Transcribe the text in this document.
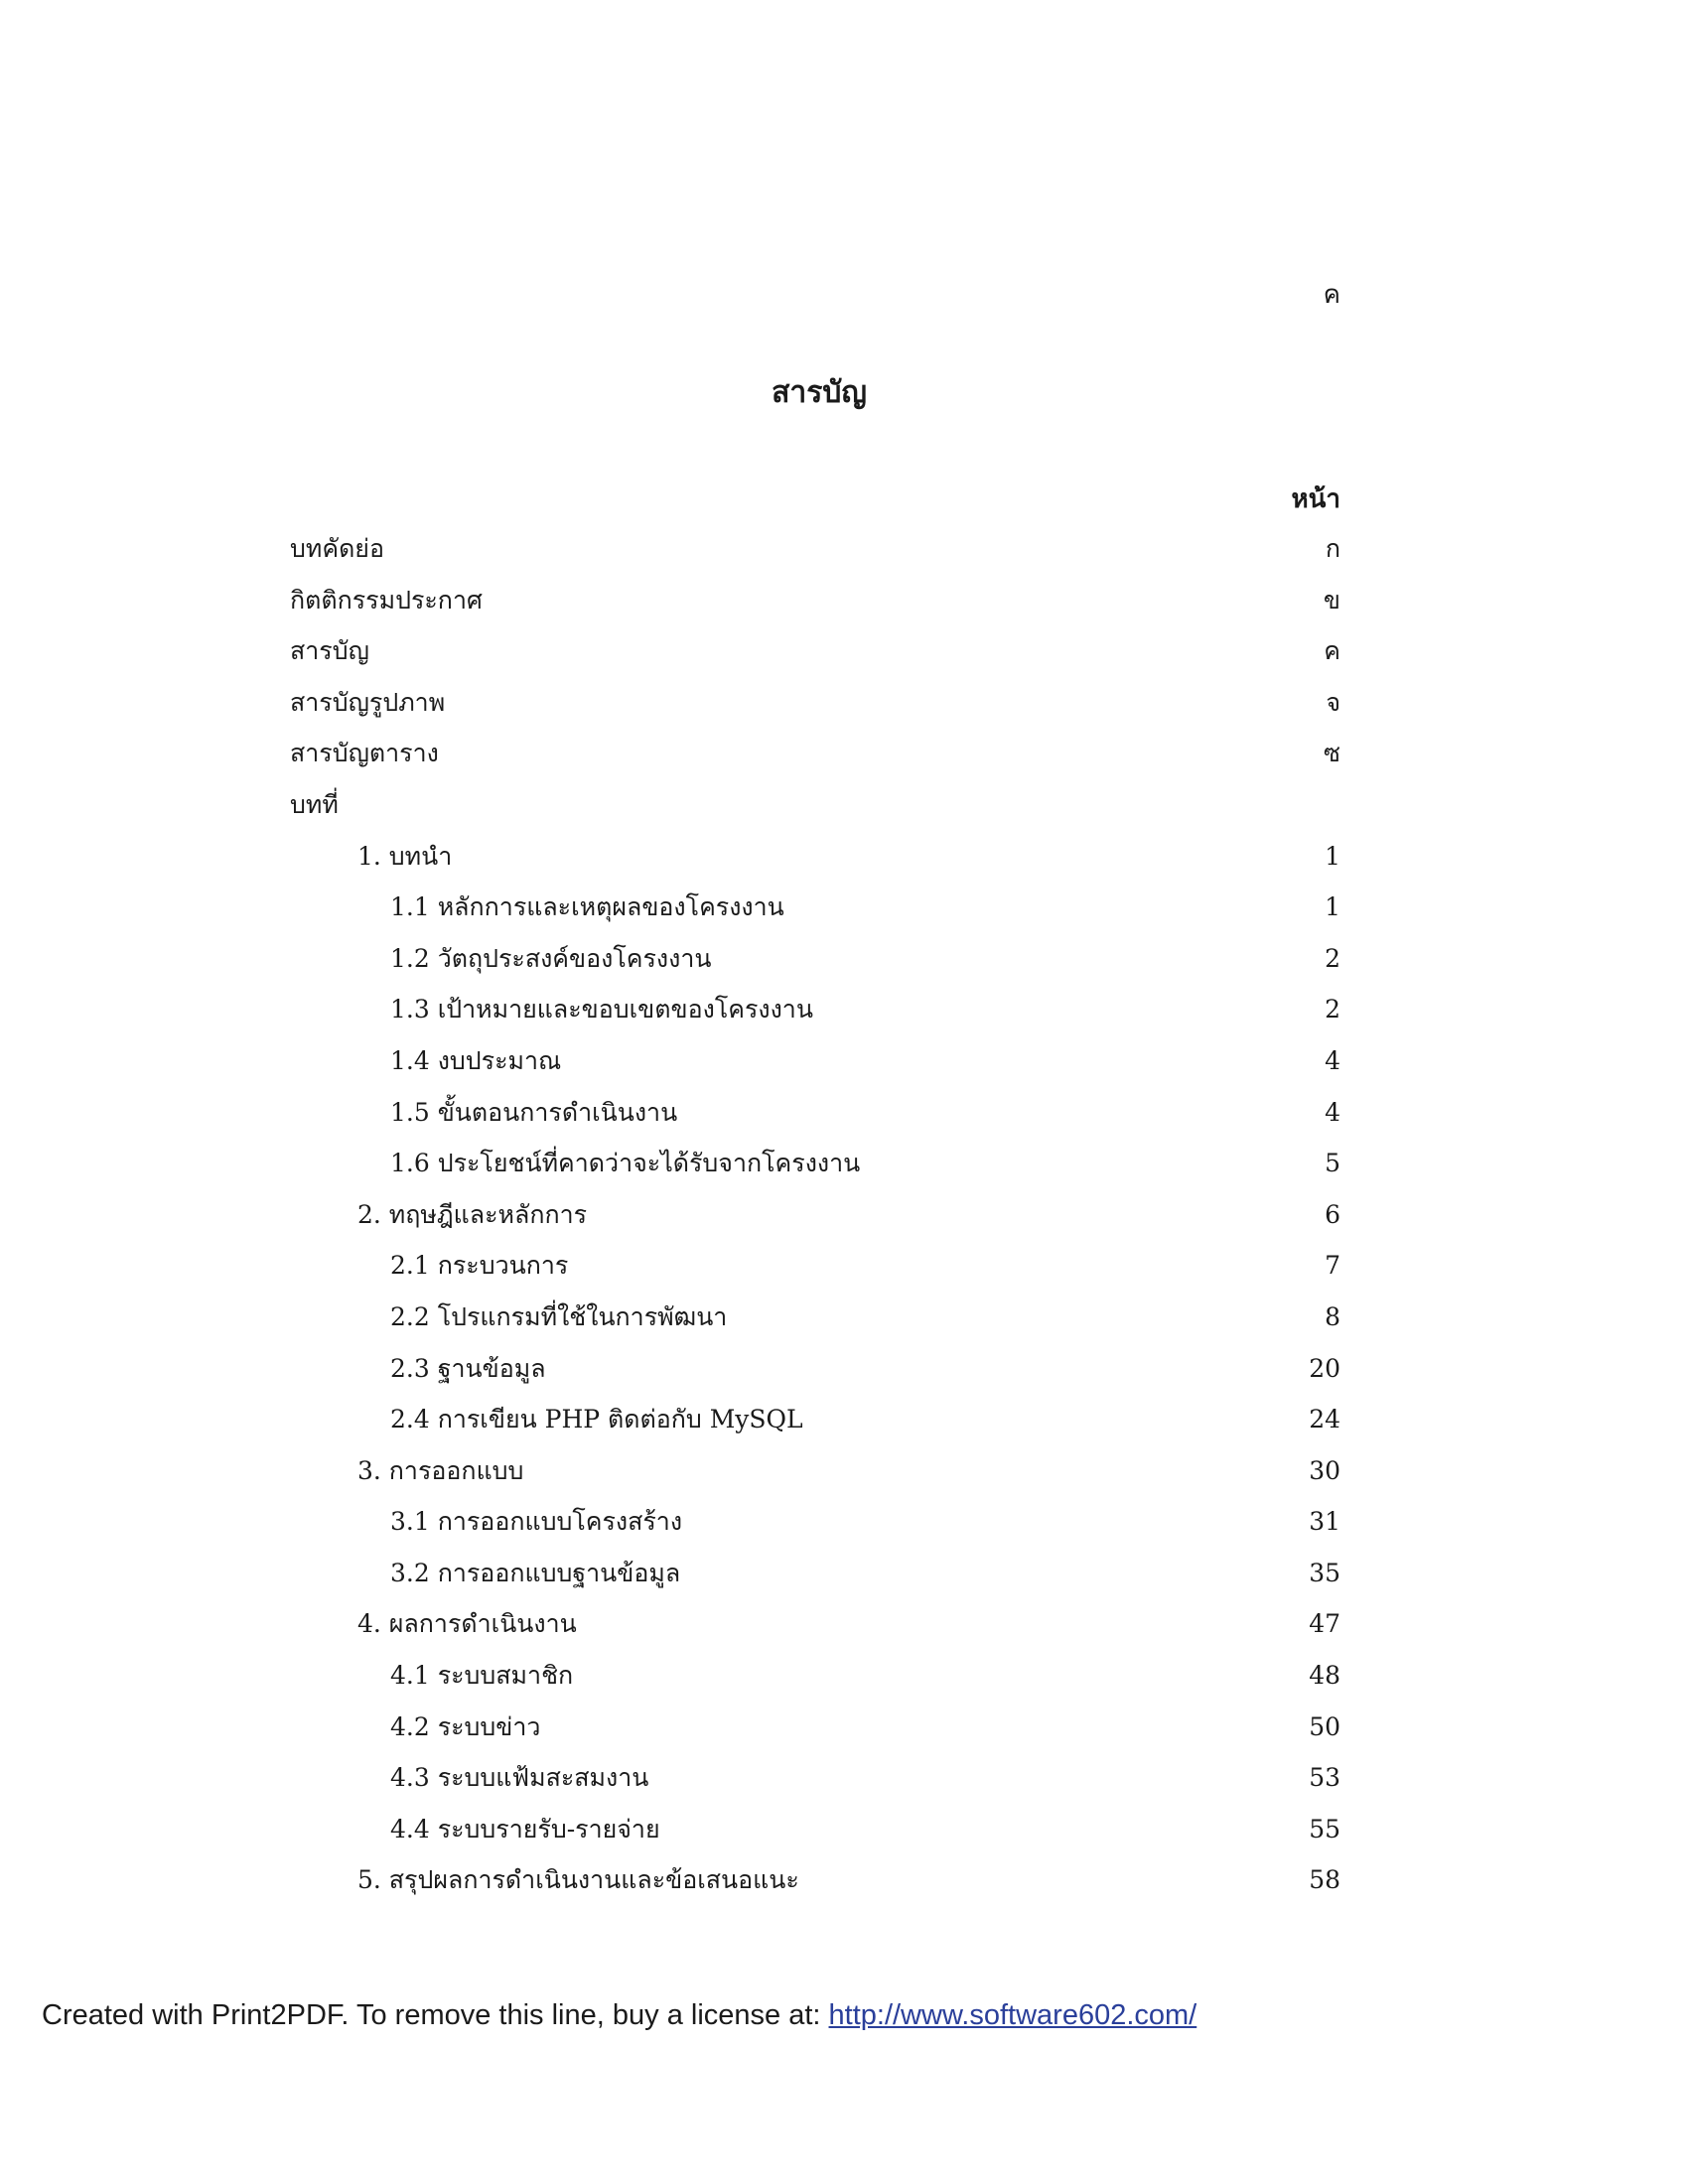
ค
สารบัญ
หน้า
บทคัดย่อ	ก
กิตติกรรมประกาศ	ข
สารบัญ	ค
สารบัญรูปภาพ	จ
สารบัญตาราง	ซ
บทที่
1. บทนำ	1
1.1 หลักการและเหตุผลของโครงงาน	1
1.2 วัตถุประสงค์ของโครงงาน	2
1.3 เป้าหมายและขอบเขตของโครงงาน	2
1.4 งบประมาณ	4
1.5 ขั้นตอนการดำเนินงาน	4
1.6 ประโยชน์ที่คาดว่าจะได้รับจากโครงงาน	5
2. ทฤษฎีและหลักการ	6
2.1 กระบวนการ	7
2.2 โปรแกรมที่ใช้ในการพัฒนา	8
2.3 ฐานข้อมูล	20
2.4 การเขียน PHP ติดต่อกับ MySQL	24
3. การออกแบบ	30
3.1 การออกแบบโครงสร้าง	31
3.2 การออกแบบฐานข้อมูล	35
4. ผลการดำเนินงาน	47
4.1 ระบบสมาชิก	48
4.2 ระบบข่าว	50
4.3 ระบบแฟ้มสะสมงาน	53
4.4 ระบบรายรับ-รายจ่าย	55
5. สรุปผลการดำเนินงานและข้อเสนอแนะ	58
Created with Print2PDF. To remove this line, buy a license at: http://www.software602.com/
